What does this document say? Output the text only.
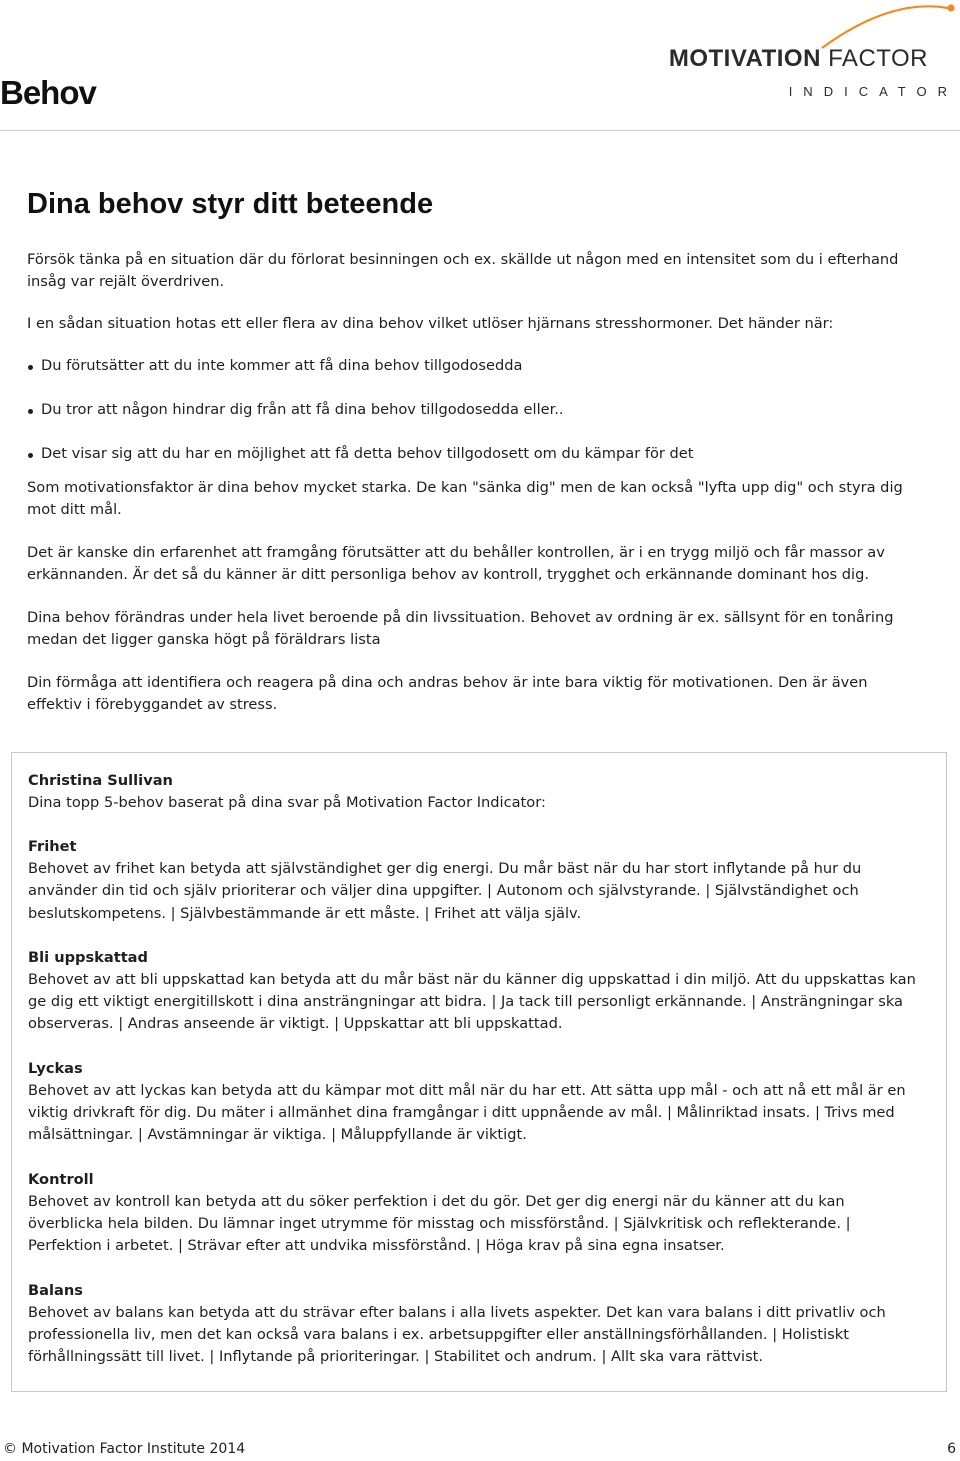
Behov
MOTIVATION FACTOR
INDICATOR
Dina behov styr ditt beteende

Försök tänka på en situation där du förlorat besinningen och ex. skällde ut någon med en intensitet som du i efterhand insåg var rejält överdriven.

I en sådan situation hotas ett eller flera av dina behov vilket utlöser hjärnans stresshormoner. Det händer när:

Du förutsätter att du inte kommer att få dina behov tillgodosedda
Du tror att någon hindrar dig från att få dina behov tillgodosedda eller..
Det visar sig att du har en möjlighet att få detta behov tillgodosett om du kämpar för det

Som motivationsfaktor är dina behov mycket starka. De kan "sänka dig" men de kan också "lyfta upp dig" och styra dig mot ditt mål.

Det är kanske din erfarenhet att framgång förutsätter att du behåller kontrollen, är i en trygg miljö och får massor av erkännanden. Är det så du känner är ditt personliga behov av kontroll, trygghet och erkännande dominant hos dig.

Dina behov förändras under hela livet beroende på din livssituation. Behovet av ordning är ex. sällsynt för en tonåring medan det ligger ganska högt på föräldrars lista

Din förmåga att identifiera och reagera på dina och andras behov är inte bara viktig för motivationen. Den är även effektiv i förebyggandet av stress.

Christina Sullivan

Dina topp 5-behov baserat på dina svar på Motivation Factor Indicator:

Frihet

Behovet av frihet kan betyda att självständighet ger dig energi. Du mår bäst när du har stort inflytande på hur du använder din tid och själv prioriterar och väljer dina uppgifter. | Autonom och självstyrande. | Självständighet och beslutskompetens. | Självbestämmande är ett måste. | Frihet att välja själv.

Bli uppskattad

Behovet av att bli uppskattad kan betyda att du mår bäst när du känner dig uppskattad i din miljö. Att du uppskattas kan ge dig ett viktigt energitillskott i dina ansträngningar att bidra. | Ja tack till personligt erkännande. | Ansträngningar ska observeras. | Andras anseende är viktigt. | Uppskattar att bli uppskattad.

Lyckas

Behovet av att lyckas kan betyda att du kämpar mot ditt mål när du har ett. Att sätta upp mål - och att nå ett mål är en viktig drivkraft för dig. Du mäter i allmänhet dina framgångar i ditt uppnående av mål. | Målinriktad insats. | Trivs med målsättningar. | Avstämningar är viktiga. | Måluppfyllande är viktigt.

Kontroll

Behovet av kontroll kan betyda att du söker perfektion i det du gör. Det ger dig energi när du känner att du kan överblicka hela bilden. Du lämnar inget utrymme för misstag och missförstånd. | Självkritisk och reflekterande. | Perfektion i arbetet. | Strävar efter att undvika missförstånd. | Höga krav på sina egna insatser.

Balans

Behovet av balans kan betyda att du strävar efter balans i alla livets aspekter. Det kan vara balans i ditt privatliv och professionella liv, men det kan också vara balans i ex. arbetsuppgifter eller anställningsförhållanden. | Holistiskt förhållningssätt till livet. | Inflytande på prioriteringar. | Stabilitet och andrum. | Allt ska vara rättvist.

© Motivation Factor Institute 2014	6
